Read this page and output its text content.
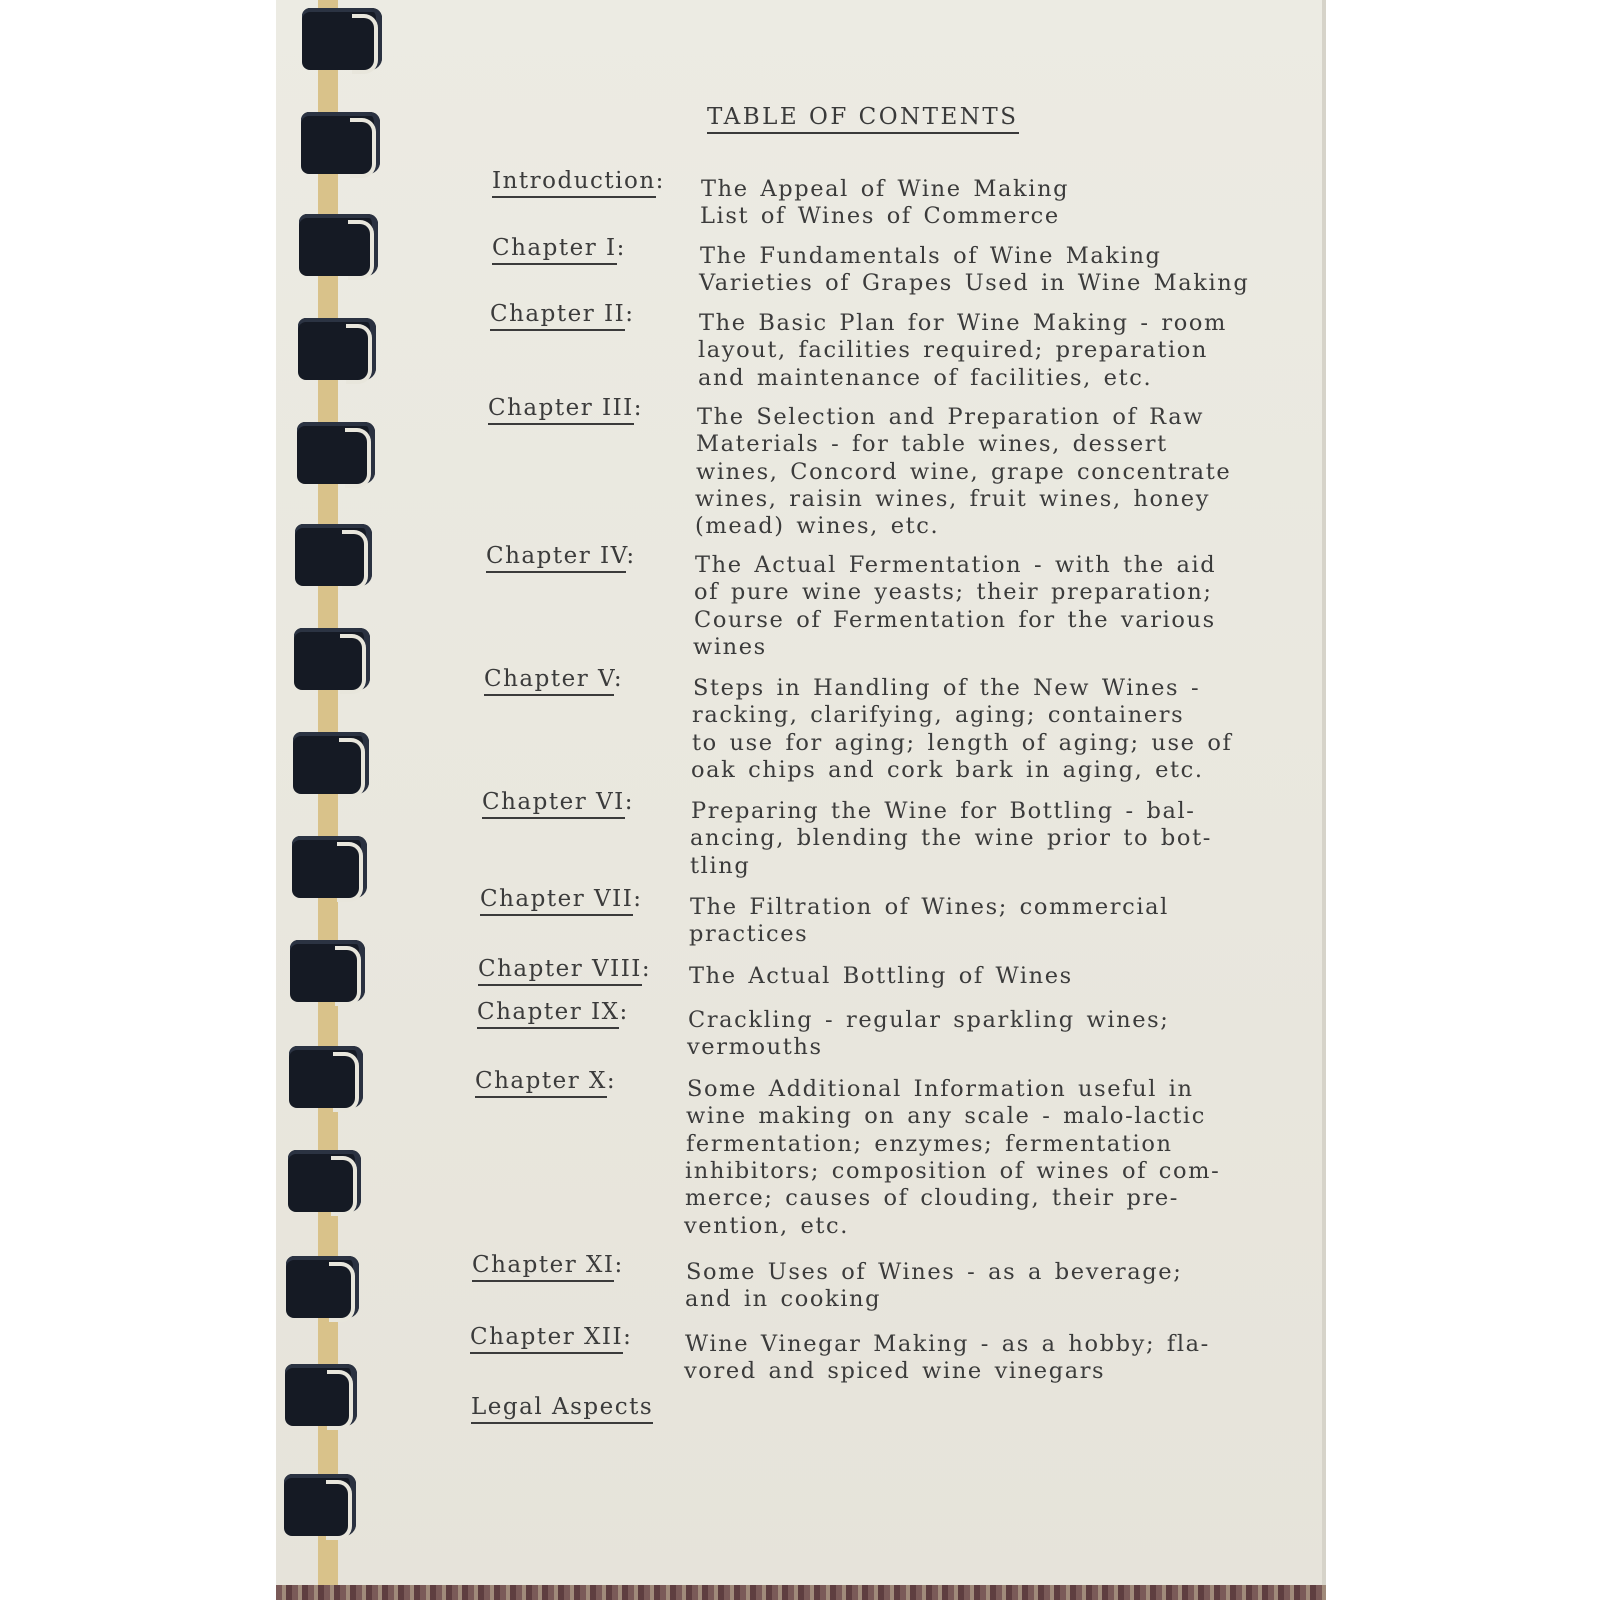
TABLE OF CONTENTS
Introduction: The Appeal of Wine Making
List of Wines of Commerce
Chapter I:	The Fundamentals of Wine Making
Varieties of Grapes Used in Wine Making
Chapter II:	The Basic Plan for Wine Making - room
layout, facilities required; preparation
and maintenance of facilities, etc.
Chapter III: The Selection and Preparation of Raw
Materials - for table wines, dessert
wines, Concord wine, grape concentrate
wines, raisin wines, fruit wines, honey
(mead) wines, etc.
Chapter IV:	The Actual Fermentation - with the aid
of pure wine yeasts; their preparation;
Course of Fermentation for the various
wines
Chapter V:	Steps in Handling of the New Wines -
racking, clarifying, aging; containers
to use for aging; length of aging; use of
oak chips and cork bark in aging, etc.
Chapter VI:	Preparing the Wine for Bottling - bal-
ancing, blending the wine prior to bot-
tling
Chapter VII: The Filtration of Wines; commercial
practices
Chapter VIII: The Actual Bottling of Wines
Chapter IX:	Crackling - regular sparkling wines;
vermouths
Chapter X:	Some Additional Information useful in
wine making on any scale - malo-lactic
fermentation; enzymes; fermentation
inhibitors; composition of wines of com-
merce; causes of clouding, their pre-
vention, etc.
Chapter XI:	Some Uses of Wines - as a beverage;
and in cooking
Chapter XII: Wine Vinegar Making - as a hobby; fla-
vored and spiced wine vinegars
Legal Aspects
